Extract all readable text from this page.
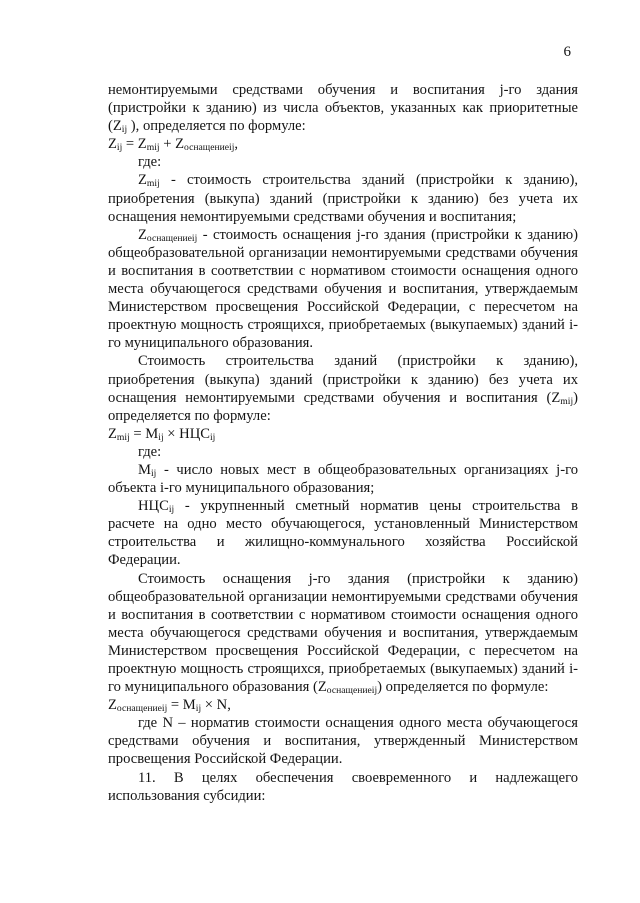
6

немонтируемыми средствами обучения и воспитания j-го здания (пристройки к зданию) из числа объектов, указанных как приоритетные ($Z_{ij}$ ), определяется по формуле:

$Z_{ij} = Z_{mij} + Z_{оснащениеij}$,

где:

$Z_{mij}$ - стоимость строительства зданий (пристройки к зданию), приобретения (выкупа) зданий (пристройки к зданию) без учета их оснащения немонтируемыми средствами обучения и воспитания;

$Z_{оснащениеij}$ - стоимость оснащения j-го здания (пристройки к зданию) общеобразовательной организации немонтируемыми средствами обучения и воспитания в соответствии с нормативом стоимости оснащения одного места обучающегося средствами обучения и воспитания, утверждаемым Министерством просвещения Российской Федерации, с пересчетом на проектную мощность строящихся, приобретаемых (выкупаемых) зданий i-го муниципального образования.

Стоимость строительства зданий (пристройки к зданию), приобретения (выкупа) зданий (пристройки к зданию) без учета их оснащения немонтируемыми средствами обучения и воспитания $(Z_{mij})$ определяется по формуле:

$Z_{mij} = M_{ij} \times НЦС_{ij}$

где:

$M_{ij}$ - число новых мест в общеобразовательных организациях j-го объекта i-го муниципального образования;

$НЦС_{ij}$ - укрупненный сметный норматив цены строительства в расчете на одно место обучающегося, установленный Министерством строительства и жилищно-коммунального хозяйства Российской Федерации.

Стоимость оснащения j-го здания (пристройки к зданию) общеобразовательной организации немонтируемыми средствами обучения и воспитания в соответствии с нормативом стоимости оснащения одного места обучающегося средствами обучения и воспитания, утверждаемым Министерством просвещения Российской Федерации, с пересчетом на проектную мощность строящихся, приобретаемых (выкупаемых) зданий i-го муниципального образования $(Z_{оснащениеij})$ определяется по формуле:

$Z_{оснащениеij} = M_{ij} \times N$,

где N – норматив стоимости оснащения одного места обучающегося средствами обучения и воспитания, утвержденный Министерством просвещения Российской Федерации.

11. В целях обеспечения своевременного и надлежащего использования субсидии:
